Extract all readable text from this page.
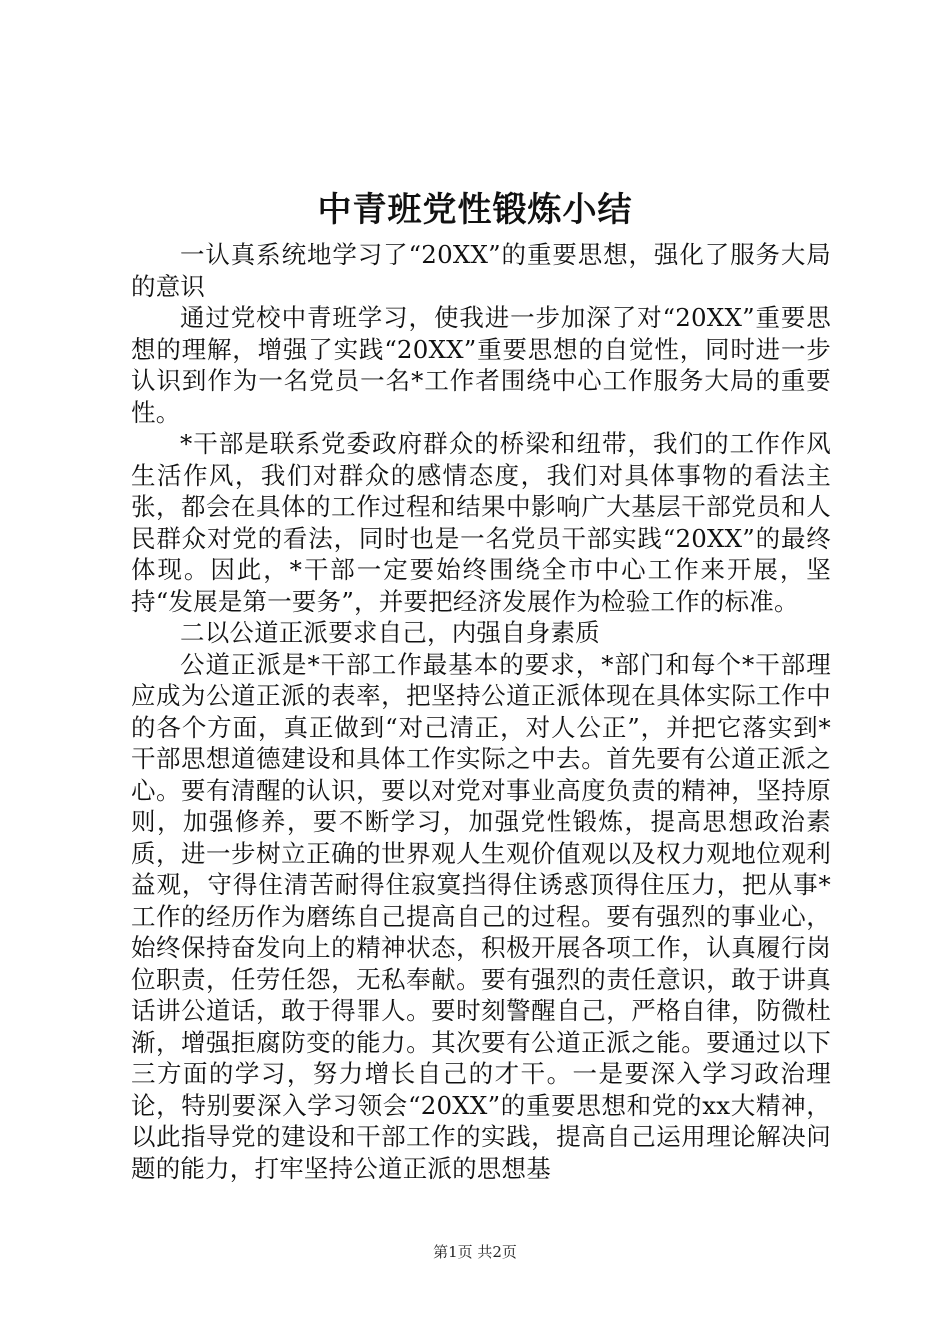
中青班党性锻炼小结

一认真系统地学习了“20XX”的重要思想，强化了服务大局的意识

通过党校中青班学习，使我进一步加深了对“20XX”重要思想的理解，增强了实践“20XX”重要思想的自觉性，同时进一步认识到作为一名党员一名*工作者围绕中心工作服务大局的重要性。

*干部是联系党委政府群众的桥梁和纽带，我们的工作作风生活作风，我们对群众的感情态度，我们对具体事物的看法主张，都会在具体的工作过程和结果中影响广大基层干部党员和人民群众对党的看法，同时也是一名党员干部实践“20XX”的最终体现。因此，*干部一定要始终围绕全市中心工作来开展，坚持“发展是第一要务”，并要把经济发展作为检验工作的标准。

二以公道正派要求自己，内强自身素质

公道正派是*干部工作最基本的要求，*部门和每个*干部理应成为公道正派的表率，把坚持公道正派体现在具体实际工作中的各个方面，真正做到“对己清正，对人公正”，并把它落实到*干部思想道德建设和具体工作实际之中去。首先要有公道正派之心。要有清醒的认识，要以对党对事业高度负责的精神，坚持原则，加强修养，要不断学习，加强党性锻炼，提高思想政治素质，进一步树立正确的世界观人生观价值观以及权力观地位观利益观，守得住清苦耐得住寂寞挡得住诱惑顶得住压力，把从事*工作的经历作为磨练自己提高自己的过程。要有强烈的事业心，始终保持奋发向上的精神状态，积极开展各项工作，认真履行岗位职责，任劳任怨，无私奉献。要有强烈的责任意识，敢于讲真话讲公道话，敢于得罪人。要时刻警醒自己，严格自律，防微杜渐，增强拒腐防变的能力。其次要有公道正派之能。要通过以下三方面的学习，努力增长自己的才干。一是要深入学习政治理论，特别要深入学习领会“20XX”的重要思想和党的xx大精神，以此指导党的建设和干部工作的实践，提高自己运用理论解决问题的能力，打牢坚持公道正派的思想基

第1页 共2页
